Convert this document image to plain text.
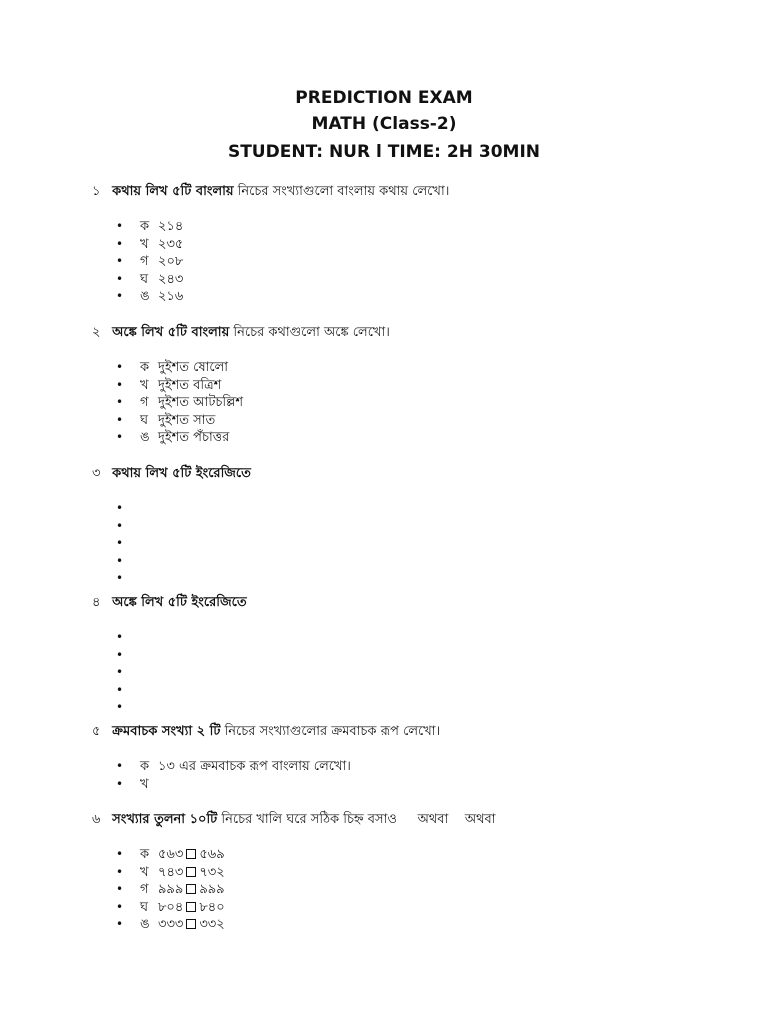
PREDICTION EXAM
MATH (Class-2)
STUDENT: NUR l TIME: 2H 30MIN
১ কথায় লিখ ৫টি বাংলায় নিচের সংখ্যাগুলো বাংলায় কথায় লেখো।
• ক ২১৪
• খ ২৩৫
• গ ২০৮
• ঘ ২৪৩
• ঙ ২১৬
২ অঙ্কে লিখ ৫টি বাংলায় নিচের কথাগুলো অঙ্কে লেখো।
• ক দুইশত ষোলো
• খ দুইশত বত্রিশ
• গ দুইশত আটচল্লিশ
• ঘ দুইশত সাত
• ঙ দুইশত পঁচাত্তর
৩ কথায় লিখ ৫টি ইংরেজিতে
•
•
•
•
•
৪ অঙ্কে লিখ ৫টি ইংরেজিতে
•
•
•
•
•
৫ ক্রমবাচক সংখ্যা ২ টি নিচের সংখ্যাগুলোর ক্রমবাচক রূপ লেখো।
• ক ১৩ এর ক্রমবাচক রূপ বাংলায় লেখো।
• খ
৬ সংখ্যার তুলনা ১০টি নিচের খালি ঘরে সঠিক চিহ্ন বসাও     অথবা    অথবা
• ক ৫৬৩ ৫৬৯
• খ ৭৪৩ ৭৩২
• গ ৯৯৯ ৯৯৯
• ঘ ৮০৪ ৮৪০
• ঙ ৩৩৩ ৩৩২
